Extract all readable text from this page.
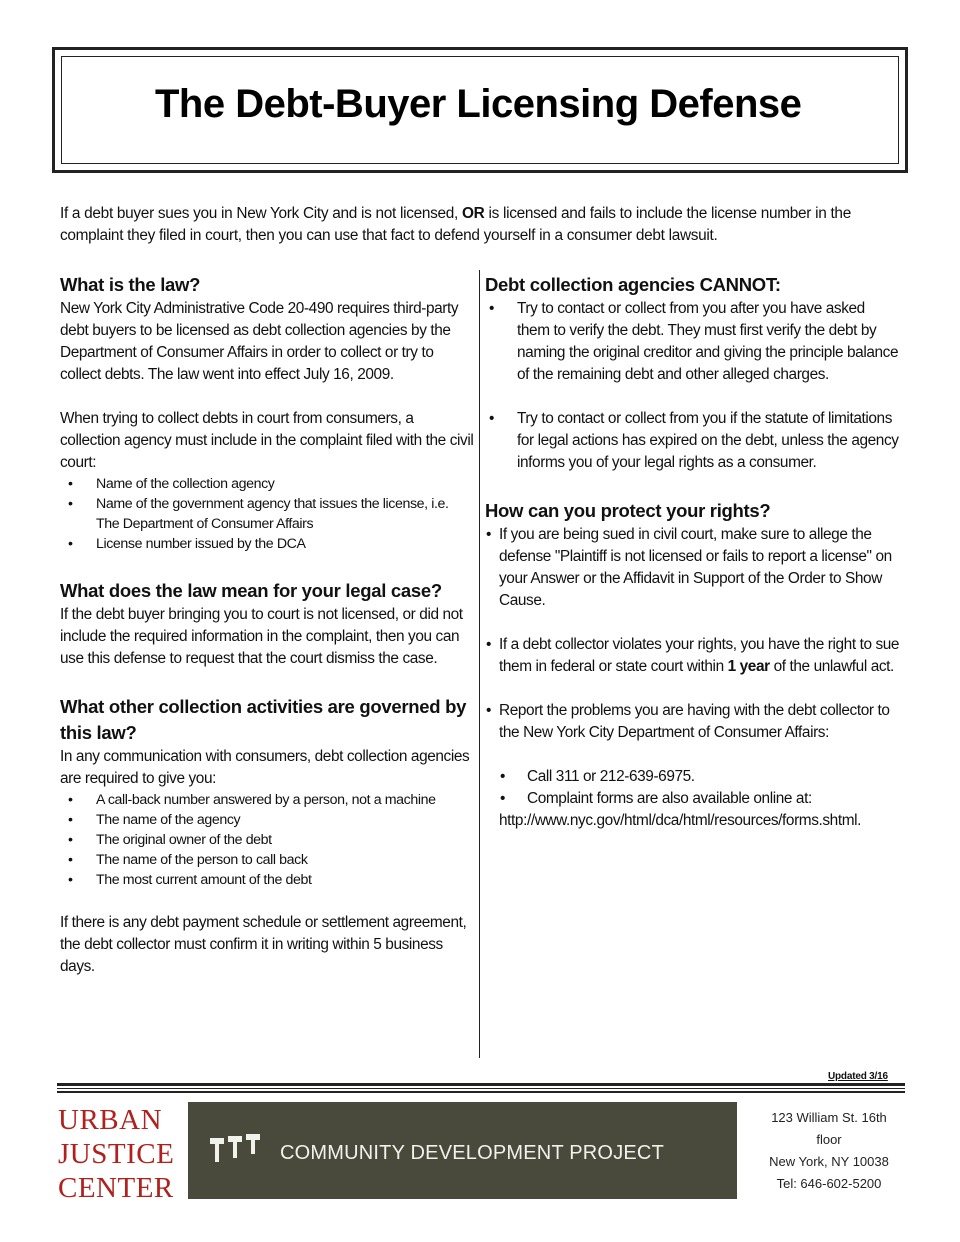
The Debt-Buyer Licensing Defense
If a debt buyer sues you in New York City and is not licensed, OR is licensed and fails to include the license number in the complaint they filed in court, then you can use that fact to defend yourself in a consumer debt lawsuit.
What is the law?

New York City Administrative Code 20-490 requires third-party debt buyers to be licensed as debt collection agencies by the Department of Consumer Affairs in order to collect or try to collect debts. The law went into effect July 16, 2009.

When trying to collect debts in court from consumers, a collection agency must include in the complaint filed with the civil court:

• Name of the collection agency
• Name of the government agency that issues the license, i.e. The Department of Consumer Affairs
• License number issued by the DCA
What does the law mean for your legal case?

If the debt buyer bringing you to court is not licensed, or did not include the required information in the complaint, then you can use this defense to request that the court dismiss the case.

What other collection activities are governed by this law?

In any communication with consumers, debt collection agencies are required to give you:

• A call-back number answered by a person, not a machine
• The name of the agency
• The original owner of the debt
• The name of the person to call back
• The most current amount of the debt

If there is any debt payment schedule or settlement agreement, the debt collector must confirm it in writing within 5 business days.

Debt collection agencies CANNOT:
• Try to contact or collect from you after you have asked them to verify the debt. They must first verify the debt by naming the original creditor and giving the principle balance of the remaining debt and other alleged charges.
• Try to contact or collect from you if the statute of limitations for legal actions has expired on the debt, unless the agency informs you of your legal rights as a consumer.
How can you protect your rights?
• If you are being sued in civil court, make sure to allege the defense "Plaintiff is not licensed or fails to report a license" on your Answer or the Affidavit in Support of the Order to Show Cause.
• If a debt collector violates your rights, you have the right to sue them in federal or state court within 1 year of the unlawful act.
• Report the problems you are having with the debt collector to the New York City Department of Consumer Affairs:
• Call 311 or 212-639-6975.
• Complaint forms are also available online at:
http://www.nyc.gov/html/dca/html/resources/forms.shtml.
Updated 3/16
URBAN
JUSTICE
CENTER
COMMUNITY DEVELOPMENT PROJECT
123 William St. 16th
floor
New York, NY 10038
Tel: 646-602-5200
